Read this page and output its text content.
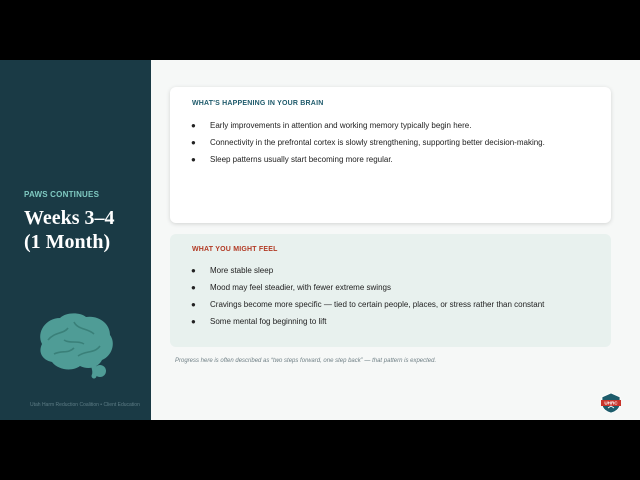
PAWS CONTINUES

Weeks 3–4
(1 Month)

Utah Harm Reduction Coalition • Client Education

WHAT'S HAPPENING IN YOUR BRAIN
● Early improvements in attention and working memory typically begin here.
● Connectivity in the prefrontal cortex is slowly strengthening, supporting better decision-making.
● Sleep patterns usually start becoming more regular.
WHAT YOU MIGHT FEEL
● More stable sleep
● Mood may feel steadier, with fewer extreme swings
● Cravings become more specific — tied to certain people, places, or stress rather than constant
● Some mental fog beginning to lift

Progress here is often described as “two steps forward, one step back” — that pattern is expected.

UHRC
